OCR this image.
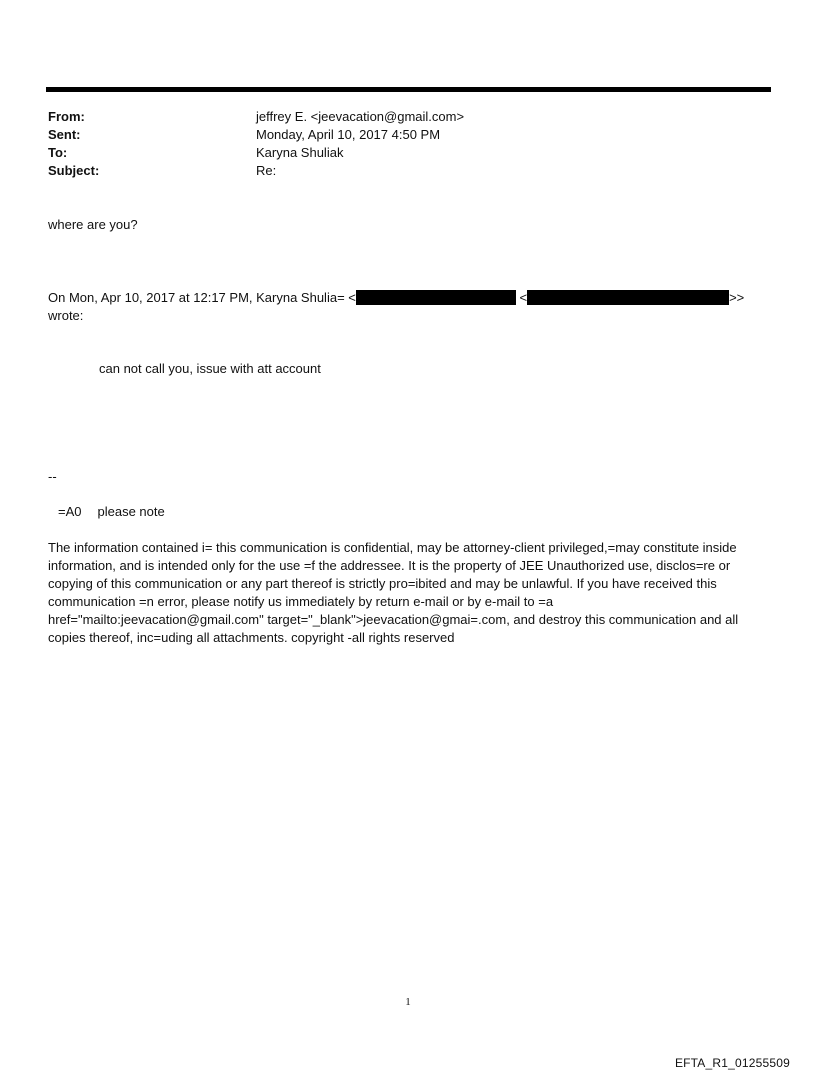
From:	jeffrey E. <jeevacation@gmail.com>
Sent:	Monday, April 10, 2017 4:50 PM
To:	Karyna Shuliak
Subject:	Re:
where are you?
On Mon, Apr 10, 2017 at 12:17 PM, Karyna Shulia= <	<	>>
wrote:
can not call you, issue with att account
--
=A0 please note
The information contained i= this communication is confidential, may be attorney-client privileged,=may constitute inside information, and is intended only for the use =f the addressee. It is the property of JEE Unauthorized use, disclos=re or copying of this communication or any part thereof is strictly pro=ibited and may be unlawful. If you have received this communication =n error, please notify us immediately by return e-mail or by e-mail to =a href="mailto:jeevacation@gmail.com" target="_blank">jeevacation@gmai=.com, and destroy this communication and all copies thereof, inc=uding all attachments. copyright -all rights reserved
1
EFTA_R1_01255509
